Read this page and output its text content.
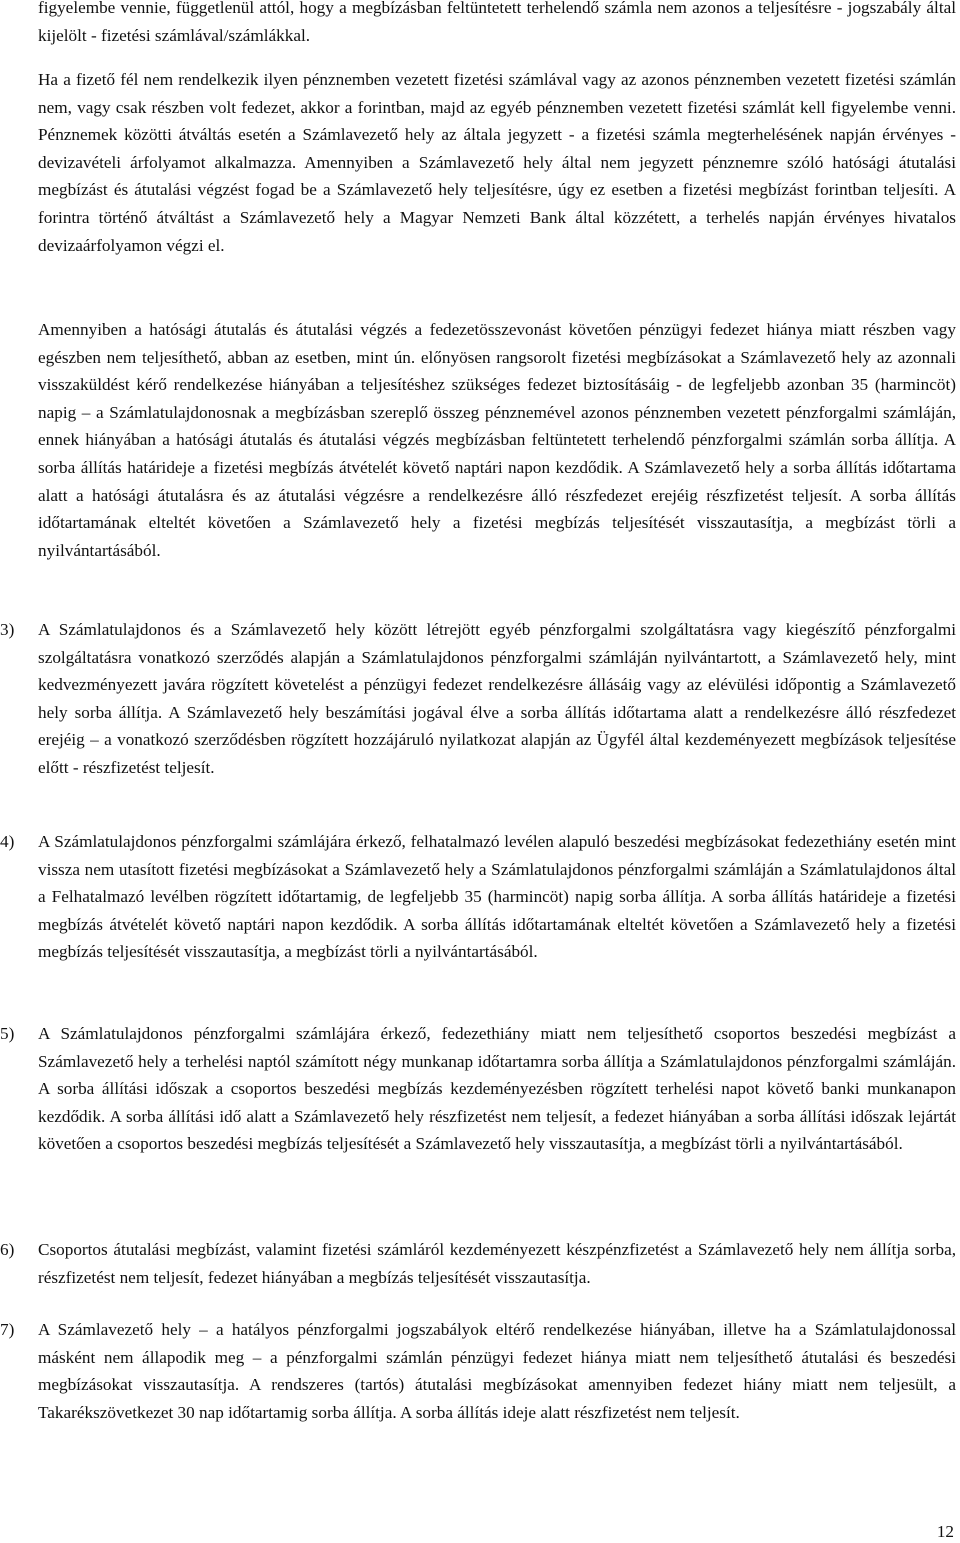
figyelembe vennie, függetlenül attól, hogy a megbízásban feltüntetett terhelendő számla nem azonos a teljesítésre - jogszabály által kijelölt - fizetési számlával/számlákkal.

Ha a fizető fél nem rendelkezik ilyen pénznemben vezetett fizetési számlával vagy az azonos pénznemben vezetett fizetési számlán nem, vagy csak részben volt fedezet, akkor a forintban, majd az egyéb pénznemben vezetett fizetési számlát kell figyelembe venni. Pénznemek közötti átváltás esetén a Számlavezető hely az általa jegyzett - a fizetési számla megterhelésének napján érvényes - devizavételi árfolyamot alkalmazza. Amennyiben a Számlavezető hely által nem jegyzett pénznemre szóló hatósági átutalási megbízást és átutalási végzést fogad be a Számlavezető hely teljesítésre, úgy ez esetben a fizetési megbízást forintban teljesíti. A forintra történő átváltást a Számlavezető hely a Magyar Nemzeti Bank által közzétett, a terhelés napján érvényes hivatalos devizaárfolyamon végzi el.

Amennyiben a hatósági átutalás és átutalási végzés a fedezetösszevonást követően pénzügyi fedezet hiánya miatt részben vagy egészben nem teljesíthető, abban az esetben, mint ún. előnyösen rangsorolt fizetési megbízásokat a Számlavezető hely az azonnali visszaküldést kérő rendelkezése hiányában a teljesítéshez szükséges fedezet biztosításáig - de legfeljebb azonban 35 (harmincöt) napig – a Számlatulajdonosnak a megbízásban szereplő összeg pénznemével azonos pénznemben vezetett pénzforgalmi számláján, ennek hiányában a hatósági átutalás és átutalási végzés megbízásban feltüntetett terhelendő pénzforgalmi számlán sorba állítja. A sorba állítás határideje a fizetési megbízás átvételét követő naptári napon kezdődik. A Számlavezető hely a sorba állítás időtartama alatt a hatósági átutalásra és az átutalási végzésre a rendelkezésre álló részfedezet erejéig részfizetést teljesít. A sorba állítás időtartamának elteltét követően a Számlavezető hely a fizetési megbízás teljesítését visszautasítja, a megbízást törli a nyilvántartásából.

3) A Számlatulajdonos és a Számlavezető hely között létrejött egyéb pénzforgalmi szolgáltatásra vagy kiegészítő pénzforgalmi szolgáltatásra vonatkozó szerződés alapján a Számlatulajdonos pénzforgalmi számláján nyilvántartott, a Számlavezető hely, mint kedvezményezett javára rögzített követelést a pénzügyi fedezet rendelkezésre állásáig vagy az elévülési időpontig a Számlavezető hely sorba állítja. A Számlavezető hely beszámítási jogával élve a sorba állítás időtartama alatt a rendelkezésre álló részfedezet erejéig – a vonatkozó szerződésben rögzített hozzájáruló nyilatkozat alapján az Ügyfél által kezdeményezett megbízások teljesítése előtt - részfizetést teljesít.

4) A Számlatulajdonos pénzforgalmi számlájára érkező, felhatalmazó levélen alapuló beszedési megbízásokat fedezethiány esetén mint vissza nem utasított fizetési megbízásokat a Számlavezető hely a Számlatulajdonos pénzforgalmi számláján a Számlatulajdonos által a Felhatalmazó levélben rögzített időtartamig, de legfeljebb 35 (harmincöt) napig sorba állítja. A sorba állítás határideje a fizetési megbízás átvételét követő naptári napon kezdődik. A sorba állítás időtartamának elteltét követően a Számlavezető hely a fizetési megbízás teljesítését visszautasítja, a megbízást törli a nyilvántartásából.

5) A Számlatulajdonos pénzforgalmi számlájára érkező, fedezethiány miatt nem teljesíthető csoportos beszedési megbízást a Számlavezető hely a terhelési naptól számított négy munkanap időtartamra sorba állítja a Számlatulajdonos pénzforgalmi számláján. A sorba állítási időszak a csoportos beszedési megbízás kezdeményezésben rögzített terhelési napot követő banki munkanapon kezdődik. A sorba állítási idő alatt a Számlavezető hely részfizetést nem teljesít, a fedezet hiányában a sorba állítási időszak lejártát követően a csoportos beszedési megbízás teljesítését a Számlavezető hely visszautasítja, a megbízást törli a nyilvántartásából.

6) Csoportos átutalási megbízást, valamint fizetési számláról kezdeményezett készpénzfizetést a Számlavezető hely nem állítja sorba, részfizetést nem teljesít, fedezet hiányában a megbízás teljesítését visszautasítja.

7) A Számlavezető hely – a hatályos pénzforgalmi jogszabályok eltérő rendelkezése hiányában, illetve ha a Számlatulajdonossal másként nem állapodik meg – a pénzforgalmi számlán pénzügyi fedezet hiánya miatt nem teljesíthető átutalási és beszedési megbízásokat visszautasítja. A rendszeres (tartós) átutalási megbízásokat amennyiben fedezet hiány miatt nem teljesült, a Takarékszövetkezet 30 nap időtartamig sorba állítja. A sorba állítás ideje alatt részfizetést nem teljesít.

12
